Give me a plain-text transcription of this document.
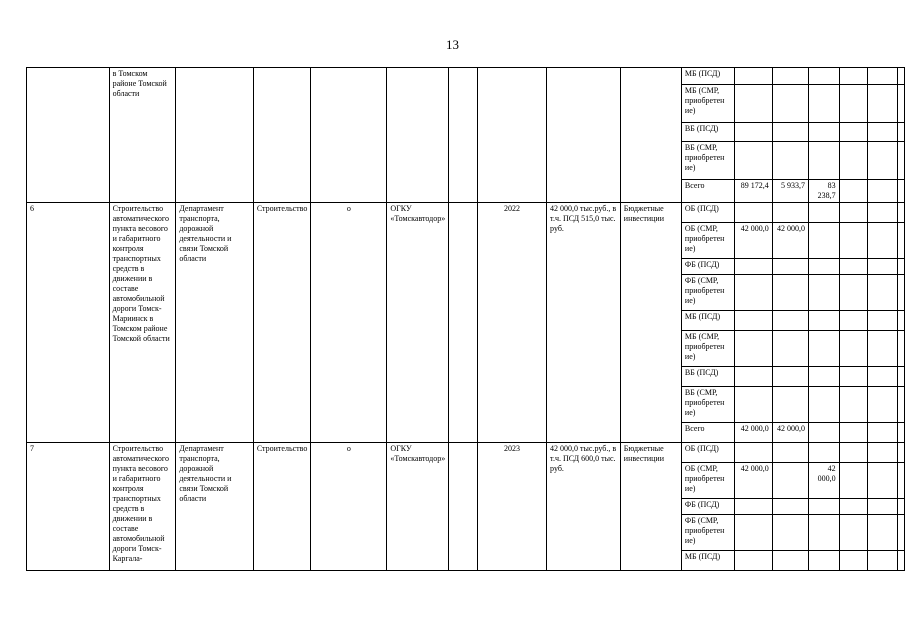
13
		в Томском районе Томской области									МБ (ПСД)						
										МБ (СМР, приобретен ие)						
										ВБ (ПСД)						
										ВБ (СМР, приобретен ие)						
										Всего	89 172,4	5 933,7	83 238,7			
	6	Строительство автоматического пункта весового и габаритного контроля транспортных средств в движении в составе автомобильной дороги Томск-Мариинск в Томском районе Томской области	Департамент транспорта, дорожной деятельности и связи Томской области	Строительство	о	ОГКУ «Томскавтодор»		2022	42 000,0 тыс.руб., в т.ч. ПСД 515,0 тыс. руб.	Бюджетные инвестиции	ОБ (ПСД)						
										ОБ (СМР, приобретен ие)	42 000,0	42 000,0				
										ФБ (ПСД)						
										ФБ (СМР, приобретен ие)						
										МБ (ПСД)						
										МБ (СМР, приобретен ие)						
										ВБ (ПСД)						
										ВБ (СМР, приобретен ие)						
										Всего	42 000,0	42 000,0				
	7	Строительство автоматического пункта весового и габаритного контроля транспортных средств в движении в составе автомобильной дороги Томск-Каргала-	Департамент транспорта, дорожной деятельности и связи Томской области	Строительство	о	ОГКУ «Томскавтодор»		2023	42 000,0 тыс.руб., в т.ч. ПСД 600,0 тыс. руб.	Бюджетные инвестиции	ОБ (ПСД)						
										ОБ (СМР, приобретен ие)	42 000,0		42 000,0			
										ФБ (ПСД)						
										ФБ (СМР, приобретен ие)						
										МБ (ПСД)						
